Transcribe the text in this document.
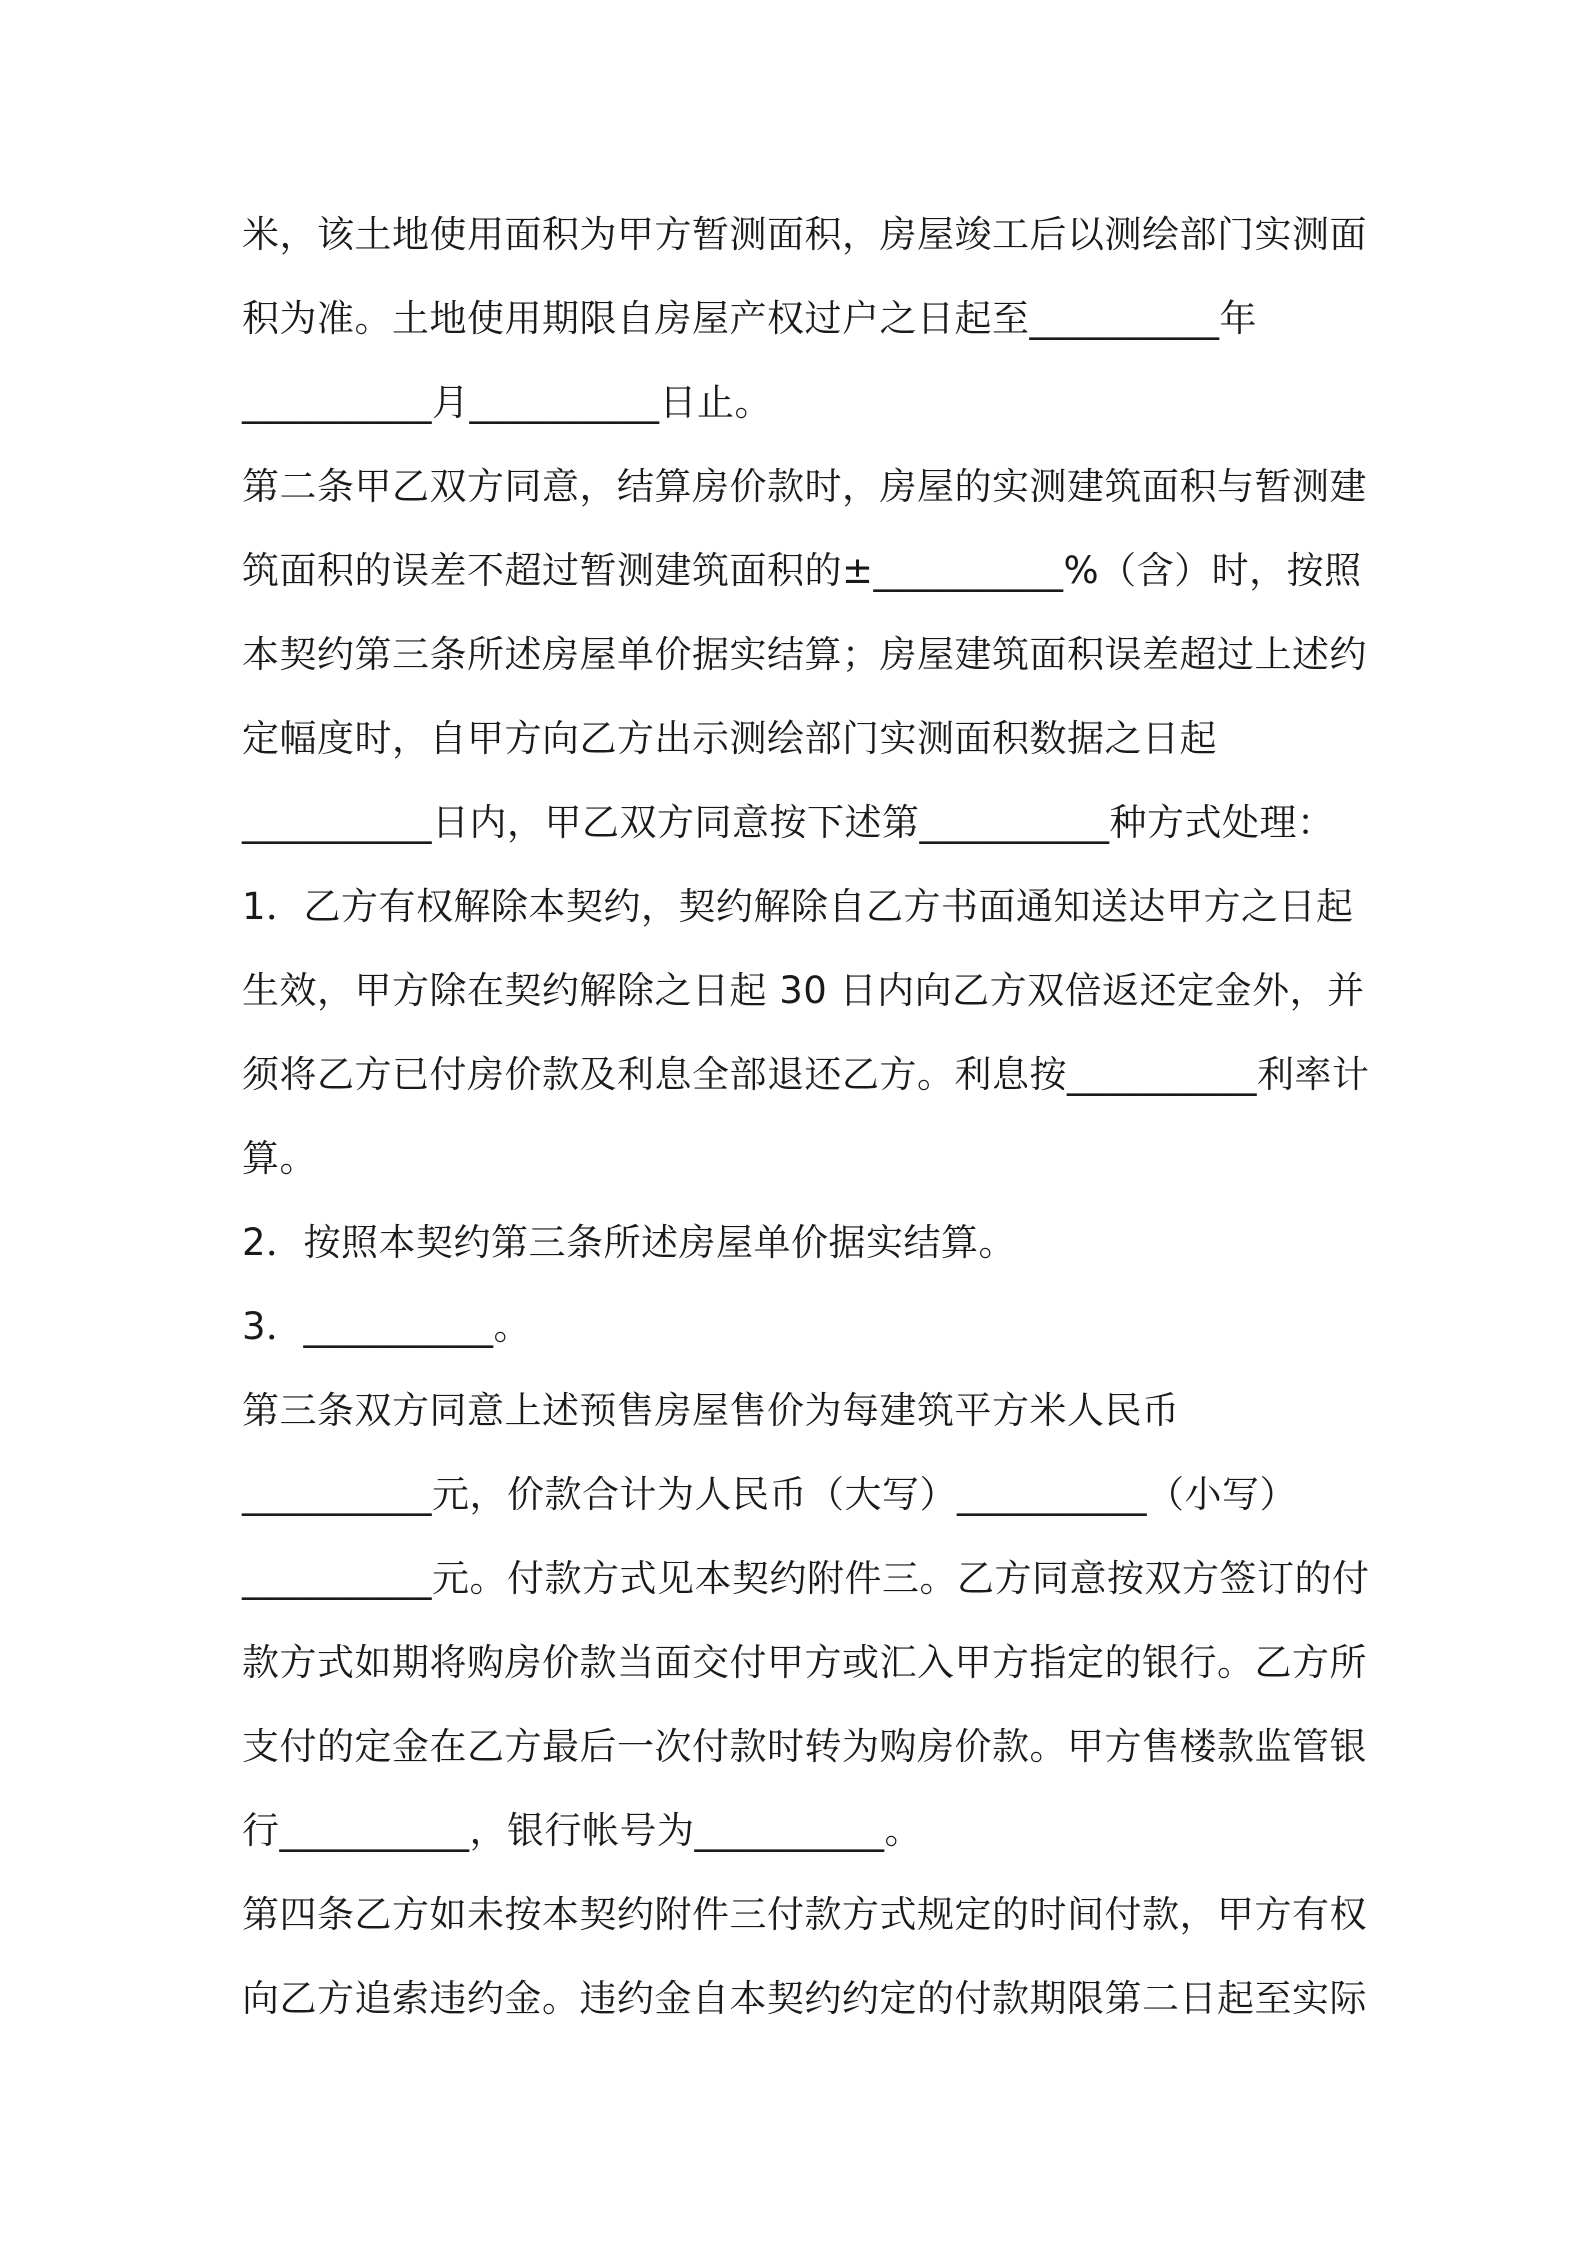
米，该土地使用面积为甲方暂测面积，房屋竣工后以测绘部门实测面
积为准。土地使用期限自房屋产权过户之日起至__________年
__________月__________日止。
第二条甲乙双方同意，结算房价款时，房屋的实测建筑面积与暂测建
筑面积的误差不超过暂测建筑面积的±__________%（含）时，按照
本契约第三条所述房屋单价据实结算；房屋建筑面积误差超过上述约
定幅度时，自甲方向乙方出示测绘部门实测面积数据之日起
__________日内，甲乙双方同意按下述第__________种方式处理：
1．乙方有权解除本契约，契约解除自乙方书面通知送达甲方之日起
生效，甲方除在契约解除之日起 30 日内向乙方双倍返还定金外，并
须将乙方已付房价款及利息全部退还乙方。利息按__________利率计
算。
2．按照本契约第三条所述房屋单价据实结算。
3．__________。
第三条双方同意上述预售房屋售价为每建筑平方米人民币
__________元，价款合计为人民币（大写）__________（小写）
__________元。付款方式见本契约附件三。乙方同意按双方签订的付
款方式如期将购房价款当面交付甲方或汇入甲方指定的银行。乙方所
支付的定金在乙方最后一次付款时转为购房价款。甲方售楼款监管银
行__________，银行帐号为__________。
第四条乙方如未按本契约附件三付款方式规定的时间付款，甲方有权
向乙方追索违约金。违约金自本契约约定的付款期限第二日起至实际
